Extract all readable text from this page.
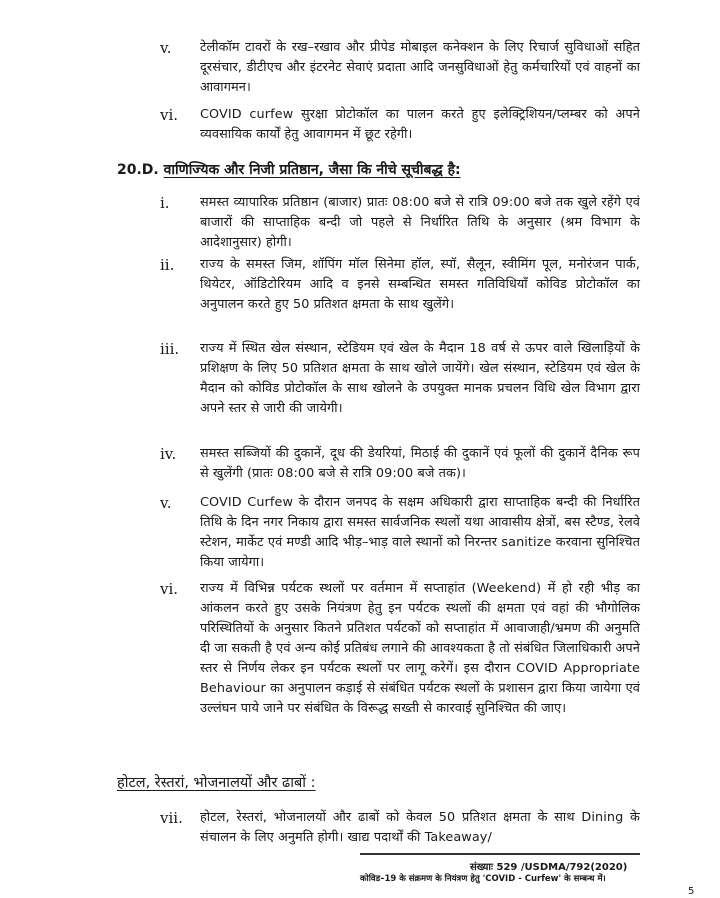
v.	टेलीकॉम टावरों के रख–रखाव और प्रीपेड मोबाइल कनेक्शन के लिए रिचार्ज सुविधाओं सहित दूरसंचार, डीटीएच और इंटरनेट सेवाएं प्रदाता आदि जनसुविधाओं हेतु कर्मचारियों एवं वाहनों का आवागमन।
vi.	COVID curfew सुरक्षा प्रोटोकॉल का पालन करते हुए इलेक्ट्रिशियन/प्लम्बर को अपने व्यवसायिक कार्यों हेतु आवागमन में छूट रहेगी।
20.D. वाणिज्यिक और निजी प्रतिष्ठान, जैसा कि नीचे सूचीबद्ध है:
i.	समस्त व्यापारिक प्रतिष्ठान (बाजार) प्रातः 08:00 बजे से रात्रि 09:00 बजे तक खुले रहेंगे एवं बाजारों की साप्ताहिक बन्दी जो पहले से निर्धारित तिथि के अनुसार (श्रम विभाग के आदेशानुसार) होगी।
ii.	राज्य के समस्त जिम, शॉपिंग मॉल सिनेमा हॉल, स्पॉ, सैलून, स्वीमिंग पूल, मनोरंजन पार्क, थियेटर, ऑडिटोरियम आदि व इनसे सम्बन्धित समस्त गतिविधियाँ कोविड प्रोटोकॉल का अनुपालन करते हुए 50 प्रतिशत क्षमता के साथ खुलेंगे।
iii.	राज्य में स्थित खेल संस्थान, स्टेडियम एवं खेल के मैदान 18 वर्ष से ऊपर वाले खिलाड़ियों के प्रशिक्षण के लिए 50 प्रतिशत क्षमता के साथ खोले जायेंगे। खेल संस्थान, स्टेडियम एवं खेल के मैदान को कोविड प्रोटोकॉल के साथ खोलने के उपयुक्त मानक प्रचलन विधि खेल विभाग द्वारा अपने स्तर से जारी की जायेगी।
iv.	समस्त सब्जियों की दुकानें, दूध की डेयरियां, मिठाई की दुकानें एवं फूलों की दुकानें दैनिक रूप से खुलेंगी (प्रातः 08:00 बजे से रात्रि 09:00 बजे तक)।
v.	COVID Curfew के दौरान जनपद के सक्षम अधिकारी द्वारा साप्ताहिक बन्दी की निर्धारित तिथि के दिन नगर निकाय द्वारा समस्त सार्वजनिक स्थलों यथा आवासीय क्षेत्रों, बस स्टैण्ड, रेलवे स्टेशन, मार्केट एवं मण्डी आदि भीड़–भाड़ वाले स्थानों को निरन्तर sanitize करवाना सुनिश्चित किया जायेगा।
vi.	राज्य में विभिन्न पर्यटक स्थलों पर वर्तमान में सप्ताहांत (Weekend) में हो रही भीड़ का आंकलन करते हुए उसके नियंत्रण हेतु इन पर्यटक स्थलों की क्षमता एवं वहां की भौगोलिक परिस्थितियों के अनुसार कितने प्रतिशत पर्यटकों को सप्ताहांत में आवाजाही/भ्रमण की अनुमति दी जा सकती है एवं अन्य कोई प्रतिबंध लगाने की आवश्यकता है तो संबंधित जिलाधिकारी अपने स्तर से निर्णय लेकर इन पर्यटक स्थलों पर लागू करेगें। इस दौरान COVID Appropriate Behaviour का अनुपालन कड़ाई से संबंधित पर्यटक स्थलों के प्रशासन द्वारा किया जायेगा एवं उल्लंघन पाये जाने पर संबंधित के विरूद्ध सख्ती से कारवाई सुनिश्चित की जाए।
होटल, रेस्तरां, भोजनालयों और ढाबों :
vii.	होटल, रेस्तरां, भोजनालयों और ढाबों को केवल 50 प्रतिशत क्षमता के साथ Dining के संचालन के लिए अनुमति होगी। खाद्य पदार्थों की Takeaway/
संख्याः 529 /USDMA/792(2020)
कोविड–19 के संक्रमण के नियंत्रण हेतु 'COVID - Curfew' के सम्बन्ध में।
5
